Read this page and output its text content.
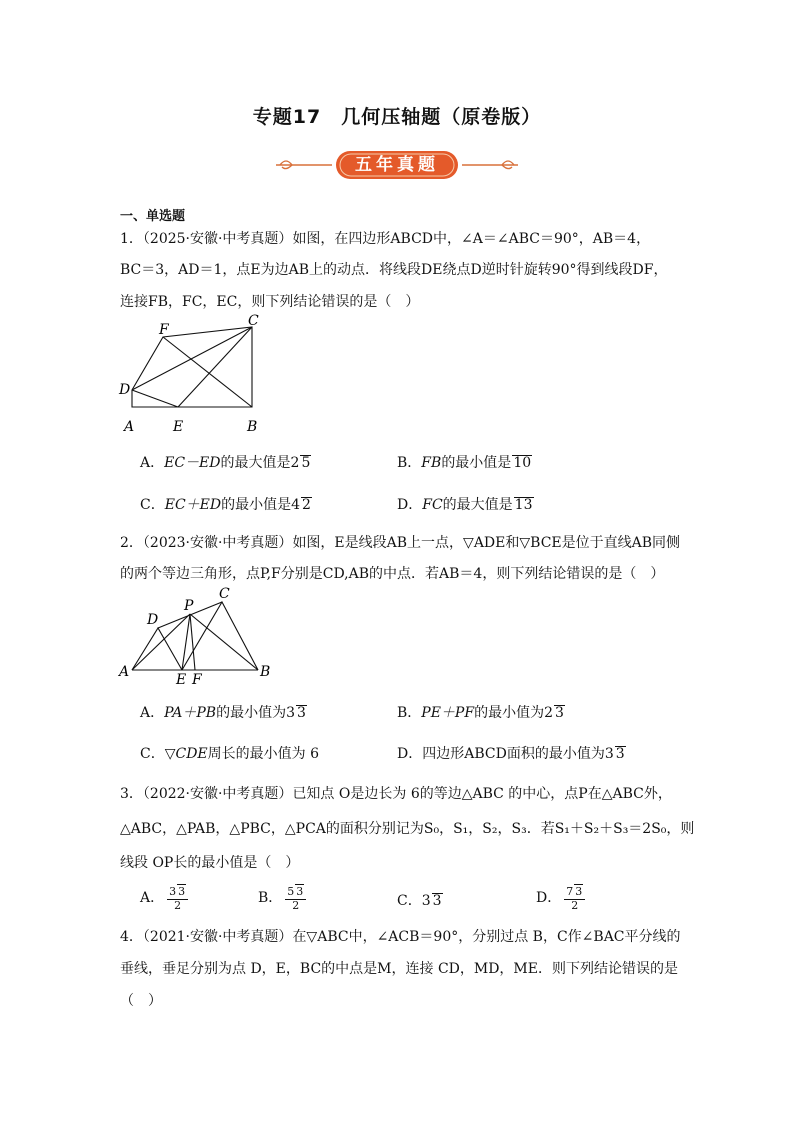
专题17　几何压轴题（原卷版）
五年真题
一、单选题
1．（2025·安徽·中考真题）如图，在四边形ABCD中，∠A＝∠ABC＝90°，AB＝4，
BC＝3，AD＝1，点E为边AB上的动点．将线段DE绕点D逆时针旋转90°得到线段DF，
连接FB，FC，EC，则下列结论错误的是（　）
F
C
D
A	E	B
A．EC－ED的最大值是2 5	B．FB的最小值是 10
C．EC＋ED的最小值是4 2	D．FC的最大值是 13
2．（2023·安徽·中考真题）如图，E是线段AB上一点，▽ADE和▽BCE是位于直线AB同侧
的两个等边三角形，点P,F分别是CD,AB的中点．若AB＝4，则下列结论错误的是（　）
D
P
C
A	E F	B
A．PA＋PB的最小值为3 3	B．PE＋PF的最小值为2 3
C．▽CDE周长的最小值为 6	D．四边形ABCD面积的最小值为3 3
3．（2022·安徽·中考真题）已知点 O是边长为 6的等边△ABC 的中心，点P在△ABC外，
△ABC，△PAB，△PBC，△PCA的面积分别记为S₀，S₁，S₂，S₃．若S₁＋S₂＋S₃＝2S₀，则
线段 OP长的最小值是（　）
A． $\frac{3 3}{2}$	B． $\frac{5 3}{2}$	C．3 3	D． $\frac{7 3}{2}$
4．（2021·安徽·中考真题）在▽ABC中，∠ACB＝90°，分别过点 B，C作∠BAC平分线的
垂线，垂足分别为点 D，E，BC的中点是M，连接 CD，MD，ME．则下列结论错误的是
（　）
